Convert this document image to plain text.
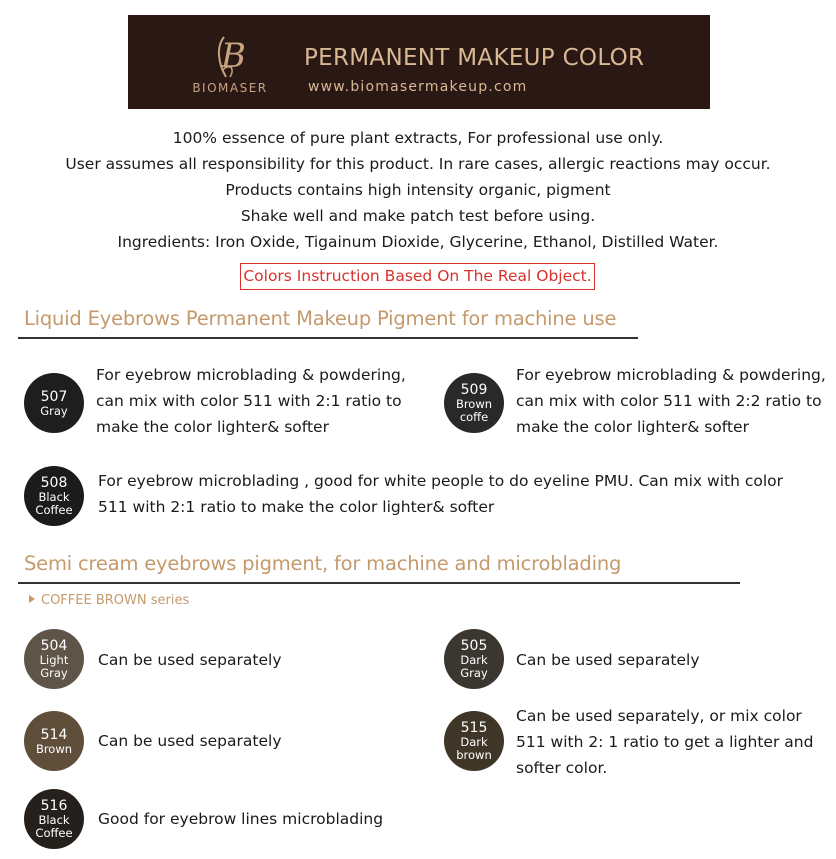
B
BIOMASER
PERMANENT MAKEUP COLOR
www.biomasermakeup.com
100% essence of pure plant extracts, For professional use only.
User assumes all responsibility for this product. In rare cases, allergic reactions may occur.
Products contains high intensity organic, pigment
Shake well and make patch test before using.
Ingredients: Iron Oxide, Tigainum Dioxide, Glycerine, Ethanol, Distilled Water.
Colors Instruction Based On The Real Object.
Liquid Eyebrows Permanent Makeup Pigment for machine use
507
Gray
For eyebrow microblading & powdering,
can mix with color 511 with 2:1 ratio to
make the color lighter& softer
509
Brown
coffe
For eyebrow microblading & powdering,
can mix with color 511 with 2:2 ratio to
make the color lighter& softer
508
Black
Coffee
For eyebrow microblading , good for white people to do eyeline PMU. Can mix with color
511 with 2:1 ratio to make the color lighter& softer
Semi cream eyebrows pigment, for machine and microblading
COFFEE BROWN series
504
Light
Gray
Can be used separately
505
Dark
Gray
Can be used separately
514
Brown Can be used separately
515
Dark
brown
Can be used separately, or mix color
511 with 2: 1 ratio to get a lighter and
softer color.
516
Black
Coffee
Good for eyebrow lines microblading
